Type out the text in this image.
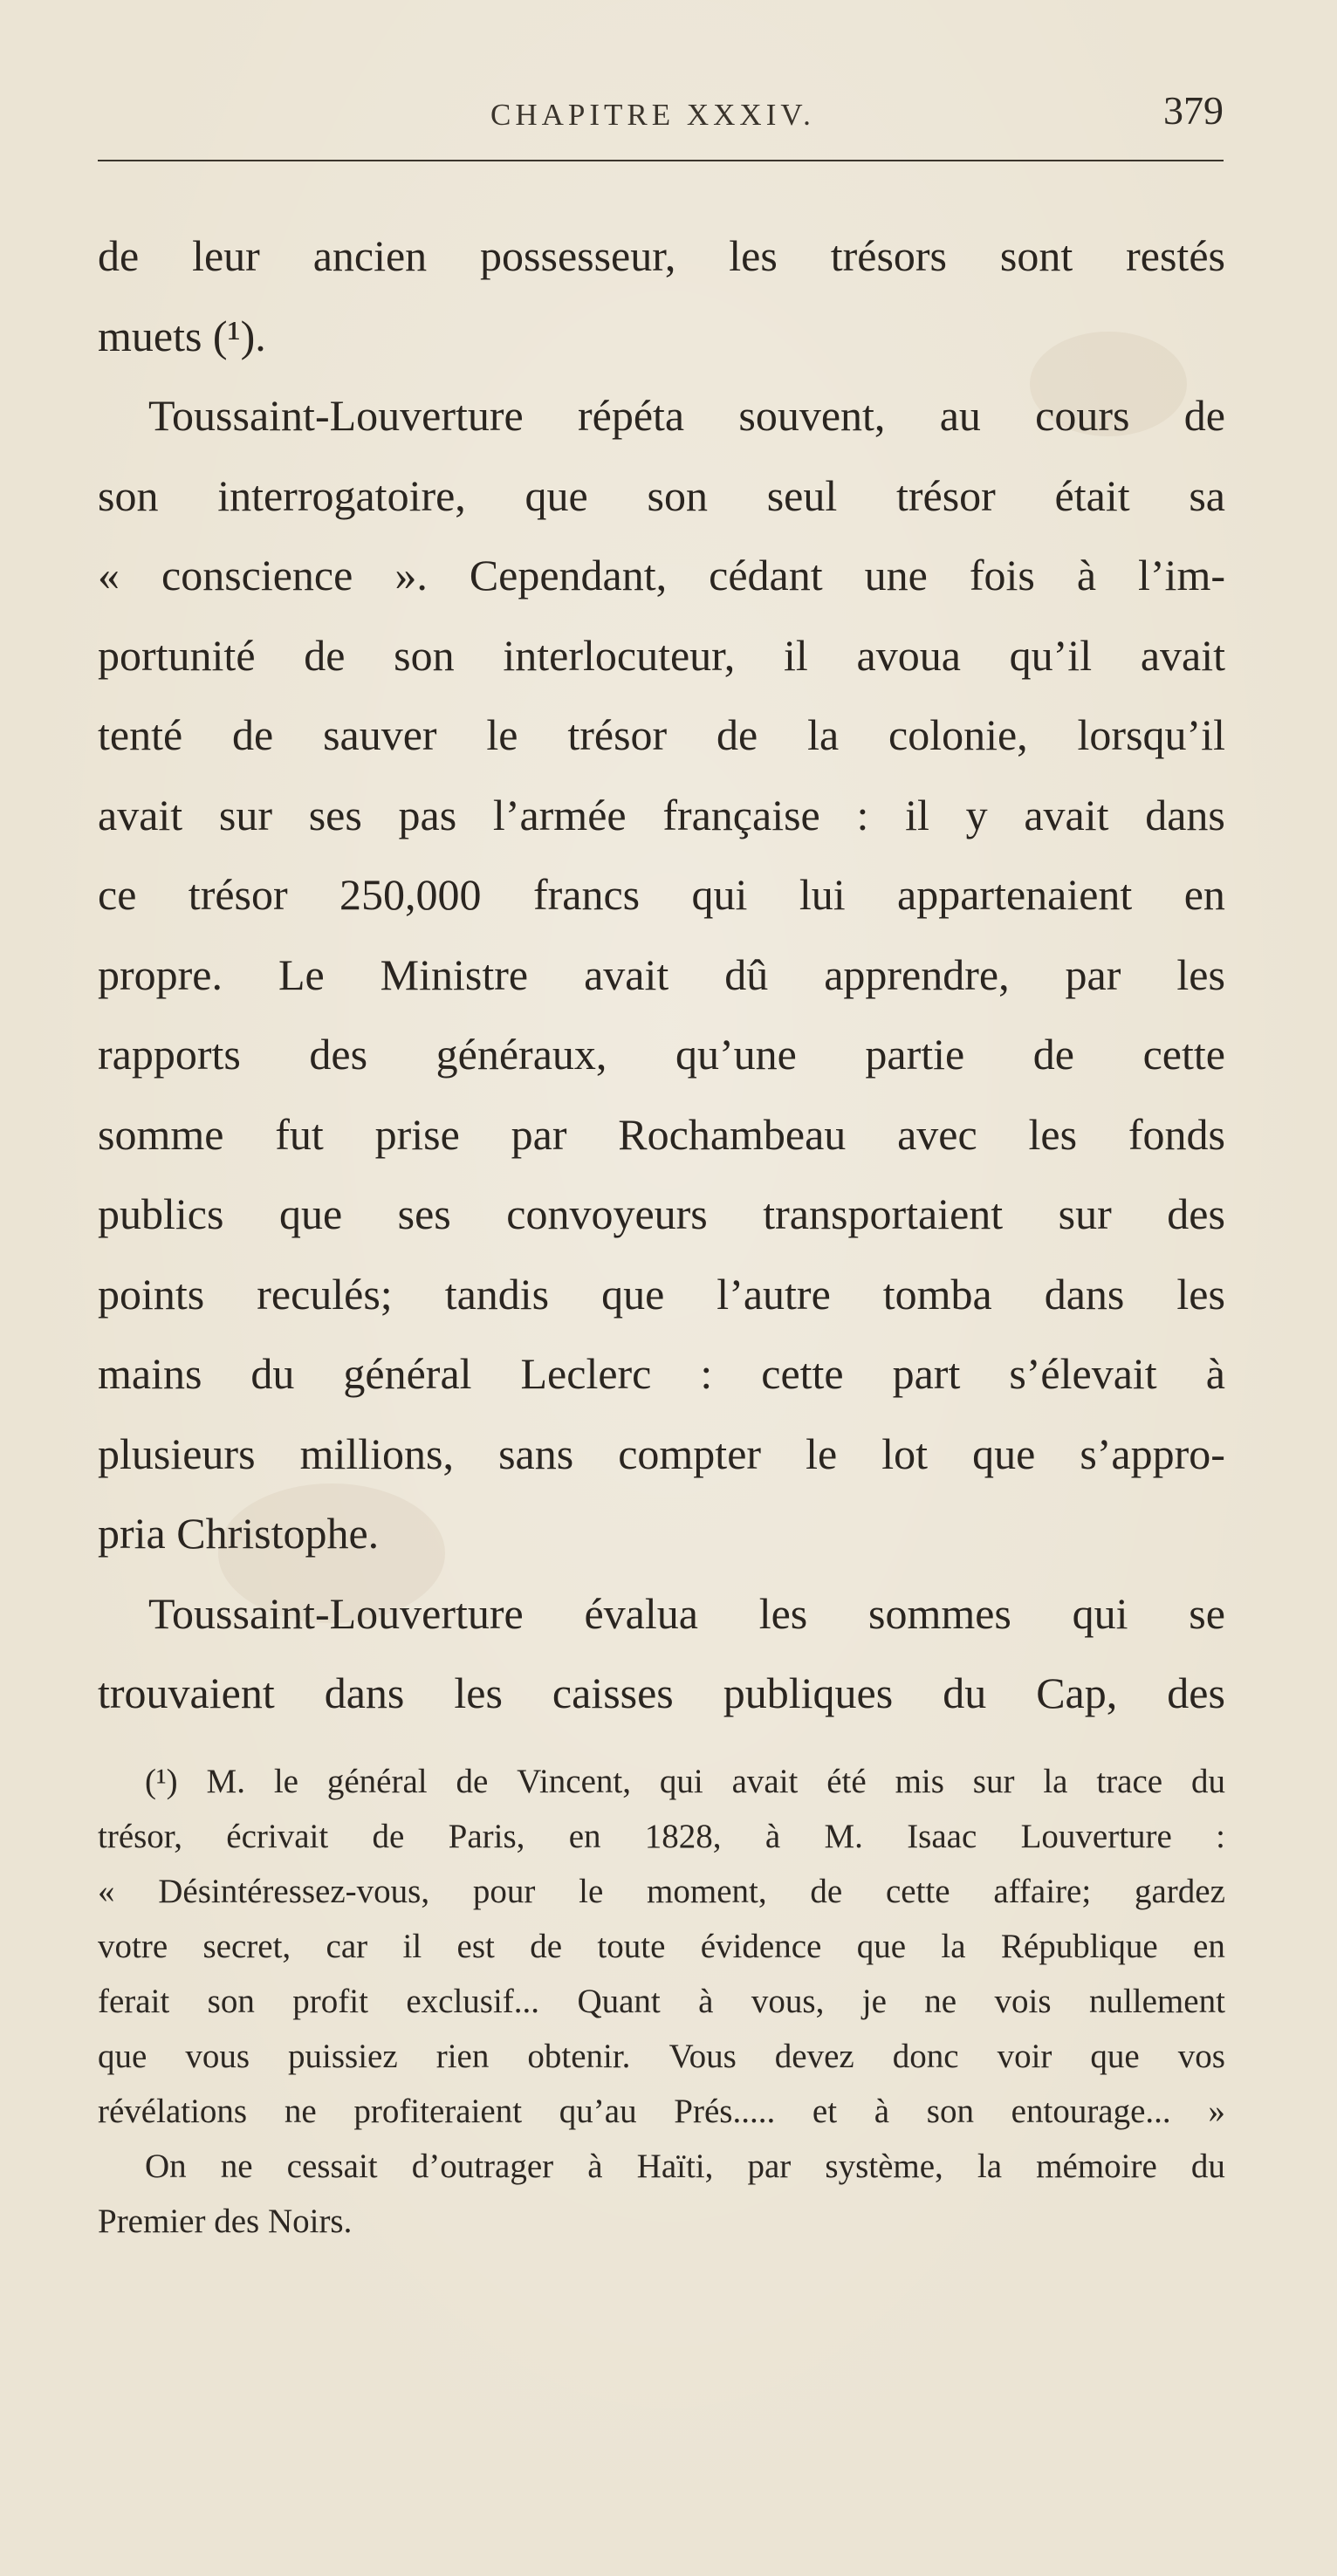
CHAPITRE XXXIV.	379
de leur ancien possesseur, les trésors sont restés
muets (¹).
Toussaint-Louverture répéta souvent, au cours de
son interrogatoire, que son seul trésor était sa
« conscience ». Cependant, cédant une fois à l’im-
portunité de son interlocuteur, il avoua qu’il avait
tenté de sauver le trésor de la colonie, lorsqu’il
avait sur ses pas l’armée française : il y avait dans
ce trésor 250,000 francs qui lui appartenaient en
propre. Le Ministre avait dû apprendre, par les
rapports des généraux, qu’une partie de cette
somme fut prise par Rochambeau avec les fonds
publics que ses convoyeurs transportaient sur des
points reculés; tandis que l’autre tomba dans les
mains du général Leclerc : cette part s’élevait à
plusieurs millions, sans compter le lot que s’appro-
pria Christophe.
Toussaint-Louverture évalua les sommes qui se
trouvaient dans les caisses publiques du Cap, des
(¹) M. le général de Vincent, qui avait été mis sur la trace du
trésor, écrivait de Paris, en 1828, à M. Isaac Louverture :
« Désintéressez-vous, pour le moment, de cette affaire; gardez
votre secret, car il est de toute évidence que la République en
ferait son profit exclusif... Quant à vous, je ne vois nullement
que vous puissiez rien obtenir. Vous devez donc voir que vos
révélations ne profiteraient qu’au Prés..... et à son entourage... »
On ne cessait d’outrager à Haïti, par système, la mémoire du
Premier des Noirs.
